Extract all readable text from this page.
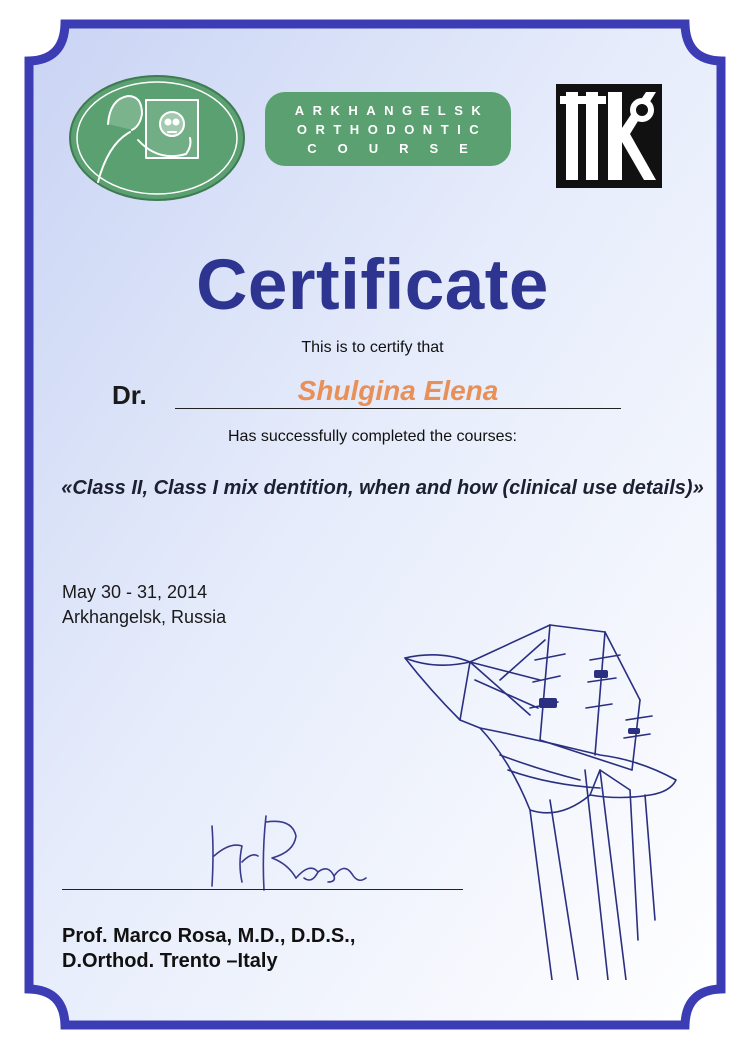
ARKHANGELSK
ORTHODONTIC
COURSE
Certificate
This is to certify that
Dr.	Shulgina Elena
Has successfully completed the courses:
«Class II, Class I mix dentition, when and how (clinical use details)»
May 30 - 31, 2014
Arkhangelsk, Russia
Prof. Marco Rosa, M.D., D.D.S.,
D.Orthod. Trento –Italy
